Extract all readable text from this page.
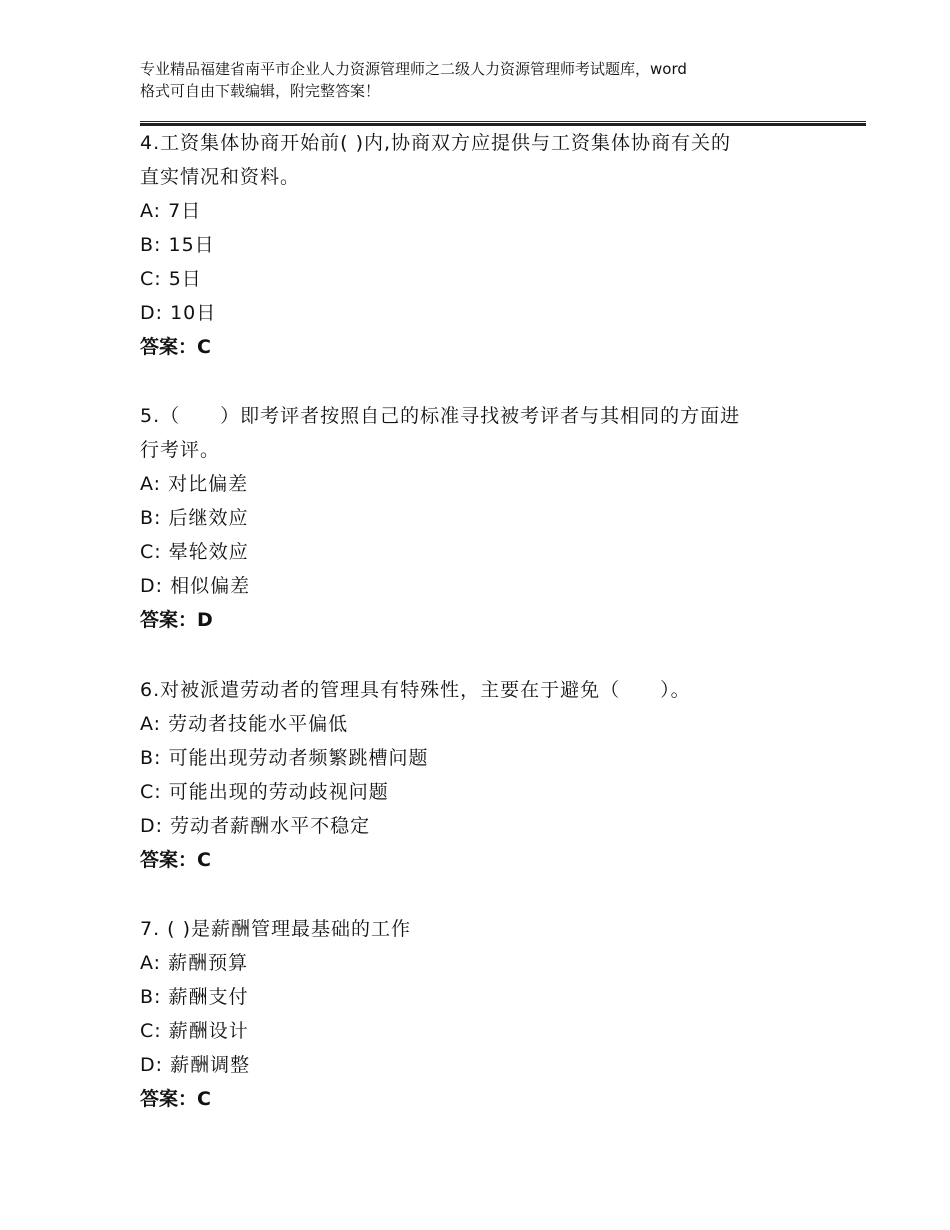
专业精品福建省南平市企业人力资源管理师之二级人力资源管理师考试题库，word
格式可自由下载编辑，附完整答案！
4.工资集体协商开始前( )内,协商双方应提供与工资集体协商有关的
直实情况和资料。
A: 7日
B: 15日
C: 5日
D: 10日
答案：C
5.（　　）即考评者按照自己的标准寻找被考评者与其相同的方面进
行考评。
A: 对比偏差
B: 后继效应
C: 晕轮效应
D: 相似偏差
答案：D
6.对被派遣劳动者的管理具有特殊性，主要在于避免（　　）。
A: 劳动者技能水平偏低
B: 可能出现劳动者频繁跳槽问题
C: 可能出现的劳动歧视问题
D: 劳动者薪酬水平不稳定
答案：C
7. ( )是薪酬管理最基础的工作
A: 薪酬预算
B: 薪酬支付
C: 薪酬设计
D: 薪酬调整
答案：C
